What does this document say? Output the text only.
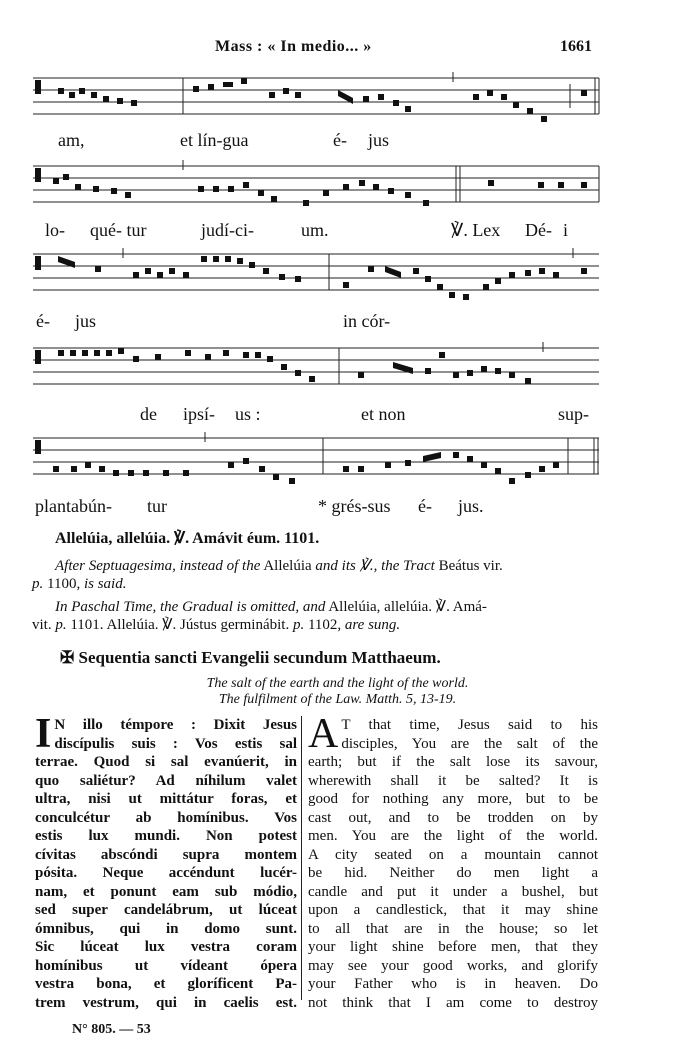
Mass : « In medio... »	1661
am,	et lín-gua	é- jus
lo- qué- tur	judí-ci-	um.	℣. Lex Dé- i
é- jus	in cór-
de ipsí- us :	et non	sup-
plantabún- tur	* grés-sus é- jus.
Allelúia, allelúia. ℣. Amávit éum. 1101.
After Septuagesima, instead of the Allelúia and its ℣., the Tract Beátus vir.
p. 1100, is said.
In Paschal Time, the Gradual is omitted, and Allelúia, allelúia. ℣. Amá-
vit. p. 1101. Allelúia. ℣. Jústus germinábit. p. 1102, are sung.
✠ Sequentia sancti Evangelii secundum Matthaeum.
The salt of the earth and the light of the world.
The fulfilment of the Law. Matth. 5, 13-19.
I N illo témpore : Dixit Jesus
discípulis suis : Vos estis sal
terrae. Quod si sal evanúerit, in
quo saliétur? Ad níhilum valet
ultra, nisi ut mittátur foras, et
conculcétur ab homínibus. Vos
estis lux mundi. Non potest
cívitas abscóndi supra montem
pósita. Neque accéndunt lucér-
nam, et ponunt eam sub módio,
sed super candelábrum, ut lúceat
ómnibus, qui in domo sunt.
Sic lúceat lux vestra coram
homínibus ut vídeant ópera
vestra bona, et gloríficent Pa-
trem vestrum, qui in caelis est.
A T that time, Jesus said to his
disciples, You are the salt of the
earth; but if the salt lose its savour,
wherewith shall it be salted? It is
good for nothing any more, but to be
cast out, and to be trodden on by
men. You are the light of the world.
A city seated on a mountain cannot
be hid. Neither do men light a
candle and put it under a bushel, but
upon a candlestick, that it may shine
to all that are in the house; so let
your light shine before men, that they
may see your good works, and glorify
your Father who is in heaven. Do
not think that I am come to destroy
N° 805. — 53
